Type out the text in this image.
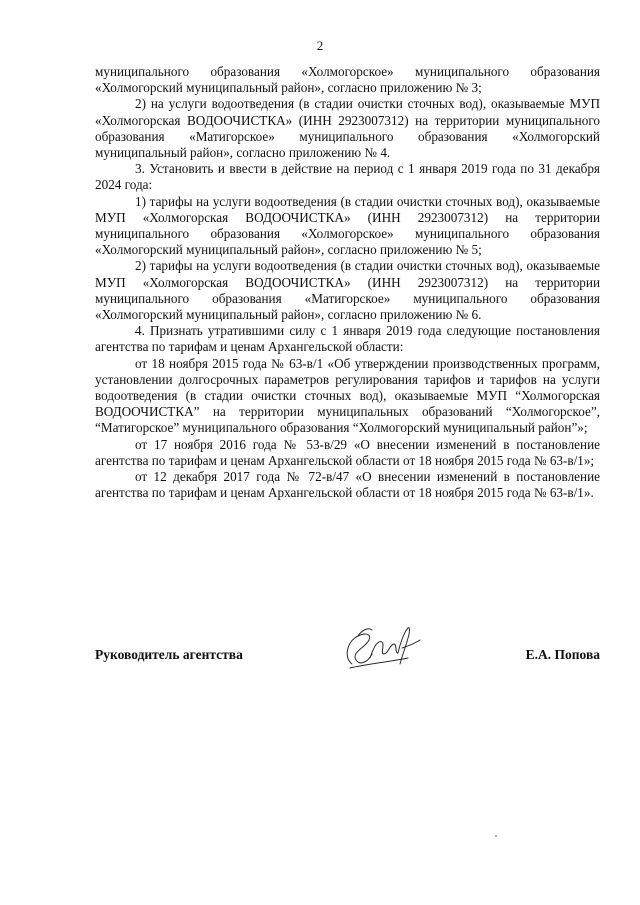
2

муниципального образования «Холмогорское» муниципального образования «Холмогорский муниципальный район», согласно приложению № 3;

2) на услуги водоотведения (в стадии очистки сточных вод), оказываемые МУП «Холмогорская ВОДООЧИСТКА» (ИНН 2923007312) на территории муниципального образования «Матигорское» муниципального образования «Холмогорский муниципальный район», согласно приложению № 4.

3. Установить и ввести в действие на период с 1 января 2019 года по 31 декабря 2024 года:

1) тарифы на услуги водоотведения (в стадии очистки сточных вод), оказываемые МУП «Холмогорская ВОДООЧИСТКА» (ИНН 2923007312) на территории муниципального образования «Холмогорское» муниципального образования «Холмогорский муниципальный район», согласно приложению № 5;

2) тарифы на услуги водоотведения (в стадии очистки сточных вод), оказываемые МУП «Холмогорская ВОДООЧИСТКА» (ИНН 2923007312) на территории муниципального образования «Матигорское» муниципального образования «Холмогорский муниципальный район», согласно приложению № 6.

4. Признать утратившими силу с 1 января 2019 года следующие постановления агентства по тарифам и ценам Архангельской области:

от 18 ноября 2015 года № 63-в/1 «Об утверждении производственных программ, установлении долгосрочных параметров регулирования тарифов и тарифов на услуги водоотведения (в стадии очистки сточных вод), оказываемые МУП “Холмогорская ВОДООЧИСТКА” на территории муниципальных образований “Холмогорское”, “Матигорское” муниципального образования “Холмогорский муниципальный район”»;

от 17 ноября 2016 года № 53-в/29 «О внесении изменений в постановление агентства по тарифам и ценам Архангельской области от 18 ноября 2015 года № 63-в/1»;

от 12 декабря 2017 года № 72-в/47 «О внесении изменений в постановление агентства по тарифам и ценам Архангельской области от 18 ноября 2015 года № 63-в/1».

Руководитель агентства	Е.А. Попова
